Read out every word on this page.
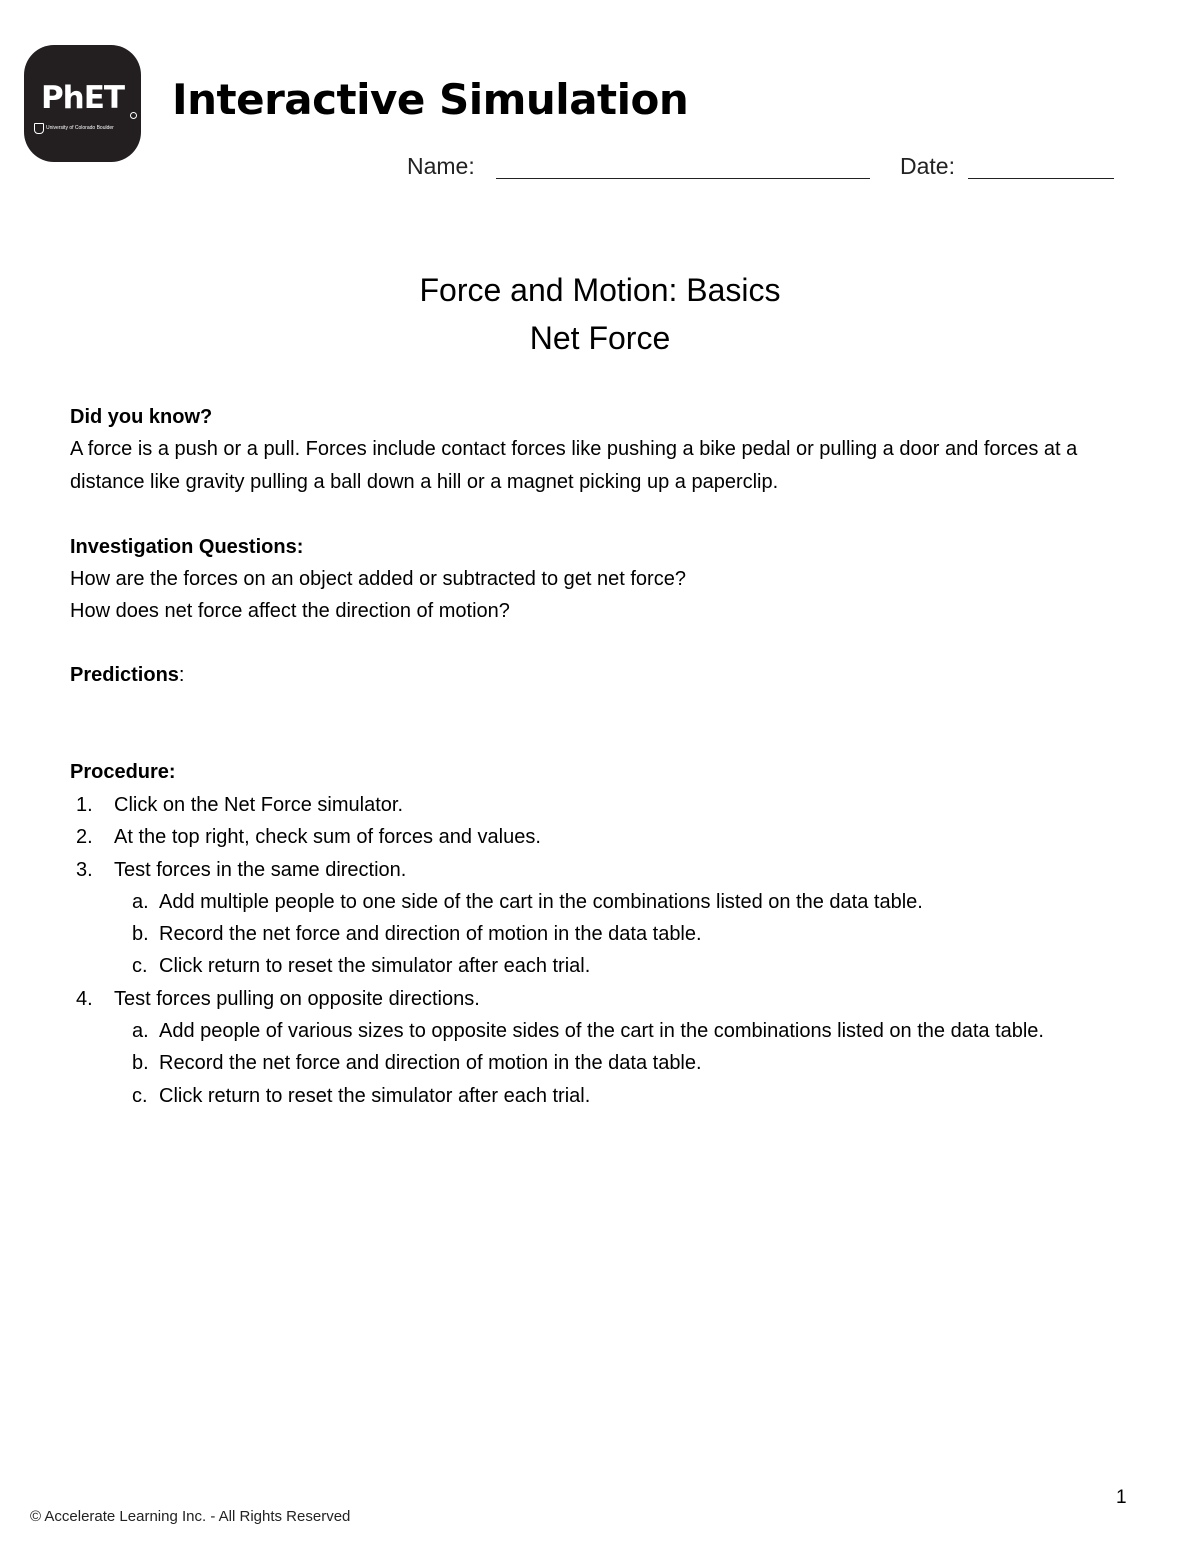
PhET
University of Colorado Boulder
Interactive Simulation
Name:	Date:
Force and Motion: Basics
Net Force
Did you know?

A force is a push or a pull. Forces include contact forces like pushing a bike pedal or pulling a door and forces at a distance like gravity pulling a ball down a hill or a magnet picking up a paperclip.

Investigation Questions:

How are the forces on an object added or subtracted to get net force?

How does net force affect the direction of motion?

Predictions:
Procedure:
1.	Click on the Net Force simulator.
2.	At the top right, check sum of forces and values.
3.	Test forces in the same direction.
a. Add multiple people to one side of the cart in the combinations listed on the data table.
b. Record the net force and direction of motion in the data table.
c. Click return to reset the simulator after each trial.
4.	Test forces pulling on opposite directions.
a. Add people of various sizes to opposite sides of the cart in the combinations listed on the data table.
b. Record the net force and direction of motion in the data table.
c. Click return to reset the simulator after each trial.
© Accelerate Learning Inc. - All Rights Reserved
1
